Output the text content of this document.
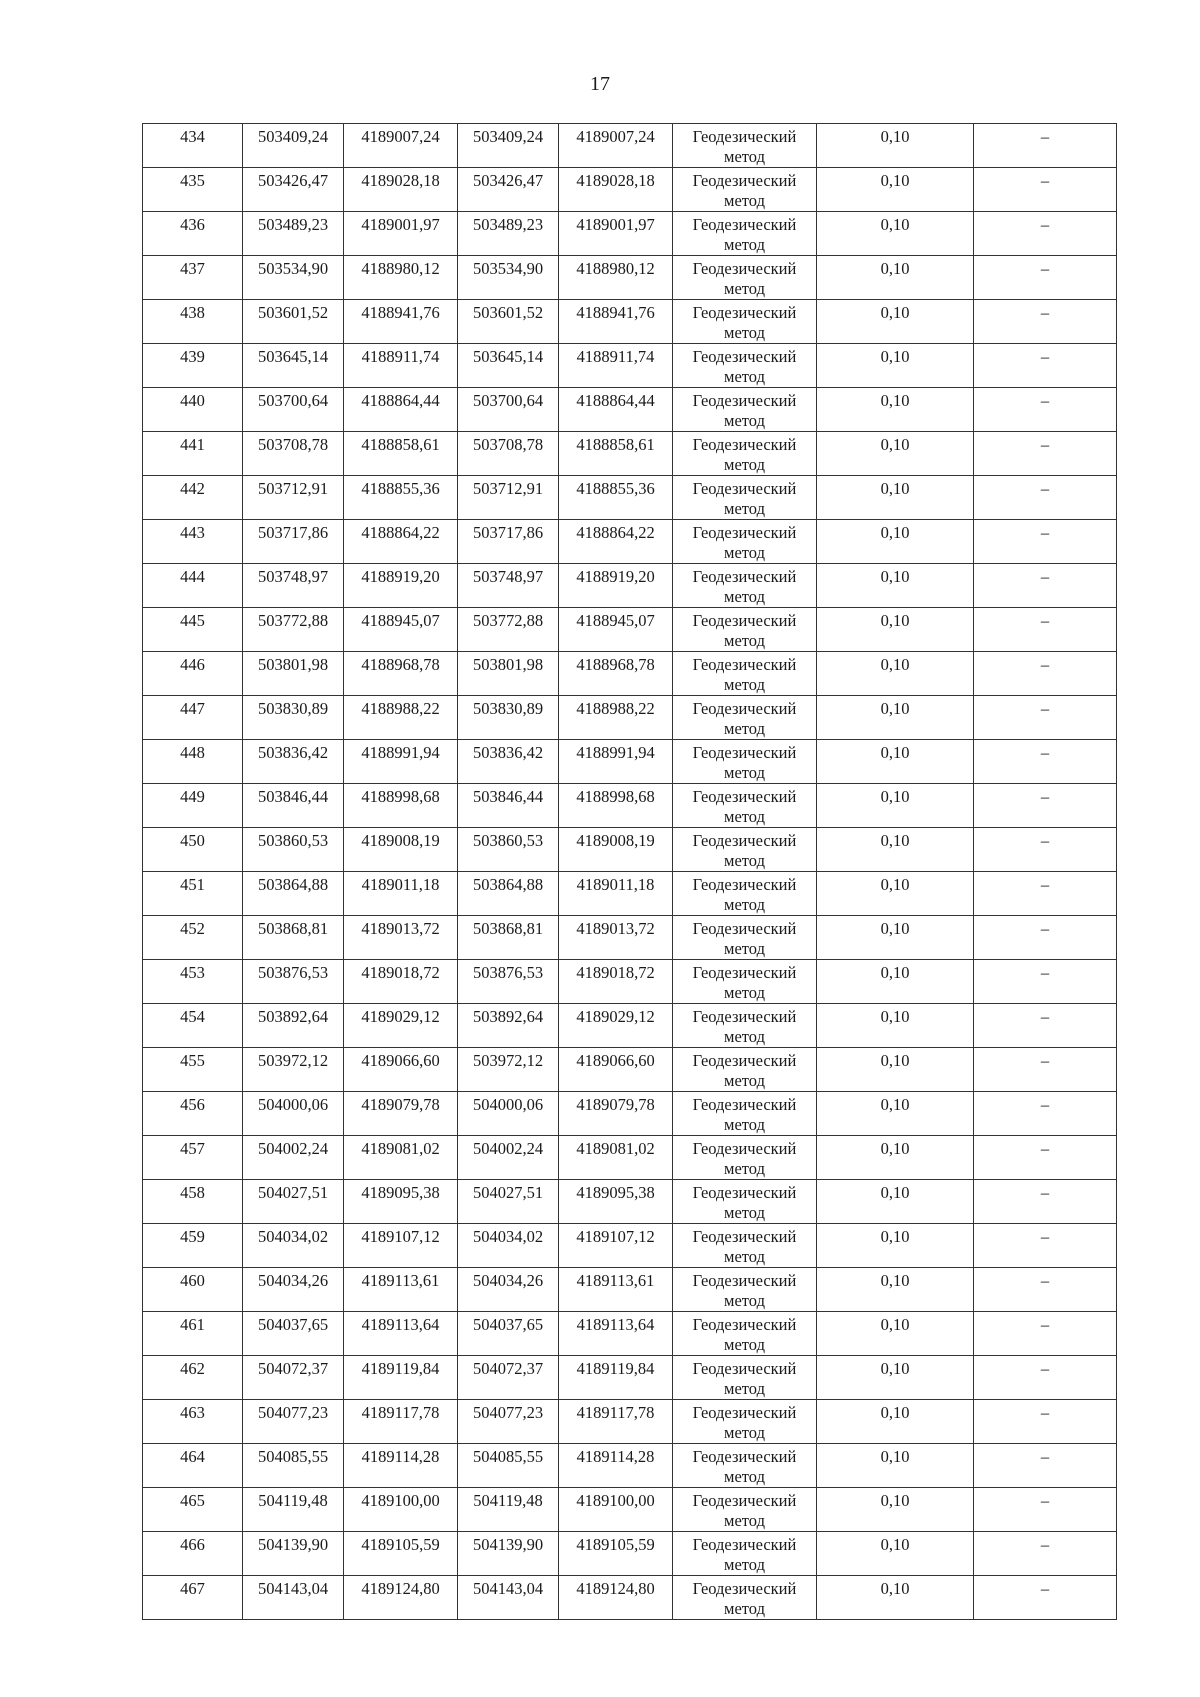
17
434	503409,24	4189007,24	503409,24	4189007,24	Геодезический метод	0,10	–
435	503426,47	4189028,18	503426,47	4189028,18	Геодезический метод	0,10	–
436	503489,23	4189001,97	503489,23	4189001,97	Геодезический метод	0,10	–
437	503534,90	4188980,12	503534,90	4188980,12	Геодезический метод	0,10	–
438	503601,52	4188941,76	503601,52	4188941,76	Геодезический метод	0,10	–
439	503645,14	4188911,74	503645,14	4188911,74	Геодезический метод	0,10	–
440	503700,64	4188864,44	503700,64	4188864,44	Геодезический метод	0,10	–
441	503708,78	4188858,61	503708,78	4188858,61	Геодезический метод	0,10	–
442	503712,91	4188855,36	503712,91	4188855,36	Геодезический метод	0,10	–
443	503717,86	4188864,22	503717,86	4188864,22	Геодезический метод	0,10	–
444	503748,97	4188919,20	503748,97	4188919,20	Геодезический метод	0,10	–
445	503772,88	4188945,07	503772,88	4188945,07	Геодезический метод	0,10	–
446	503801,98	4188968,78	503801,98	4188968,78	Геодезический метод	0,10	–
447	503830,89	4188988,22	503830,89	4188988,22	Геодезический метод	0,10	–
448	503836,42	4188991,94	503836,42	4188991,94	Геодезический метод	0,10	–
449	503846,44	4188998,68	503846,44	4188998,68	Геодезический метод	0,10	–
450	503860,53	4189008,19	503860,53	4189008,19	Геодезический метод	0,10	–
451	503864,88	4189011,18	503864,88	4189011,18	Геодезический метод	0,10	–
452	503868,81	4189013,72	503868,81	4189013,72	Геодезический метод	0,10	–
453	503876,53	4189018,72	503876,53	4189018,72	Геодезический метод	0,10	–
454	503892,64	4189029,12	503892,64	4189029,12	Геодезический метод	0,10	–
455	503972,12	4189066,60	503972,12	4189066,60	Геодезический метод	0,10	–
456	504000,06	4189079,78	504000,06	4189079,78	Геодезический метод	0,10	–
457	504002,24	4189081,02	504002,24	4189081,02	Геодезический метод	0,10	–
458	504027,51	4189095,38	504027,51	4189095,38	Геодезический метод	0,10	–
459	504034,02	4189107,12	504034,02	4189107,12	Геодезический метод	0,10	–
460	504034,26	4189113,61	504034,26	4189113,61	Геодезический метод	0,10	–
461	504037,65	4189113,64	504037,65	4189113,64	Геодезический метод	0,10	–
462	504072,37	4189119,84	504072,37	4189119,84	Геодезический метод	0,10	–
463	504077,23	4189117,78	504077,23	4189117,78	Геодезический метод	0,10	–
464	504085,55	4189114,28	504085,55	4189114,28	Геодезический метод	0,10	–
465	504119,48	4189100,00	504119,48	4189100,00	Геодезический метод	0,10	–
466	504139,90	4189105,59	504139,90	4189105,59	Геодезический метод	0,10	–
467	504143,04	4189124,80	504143,04	4189124,80	Геодезический метод	0,10	–
